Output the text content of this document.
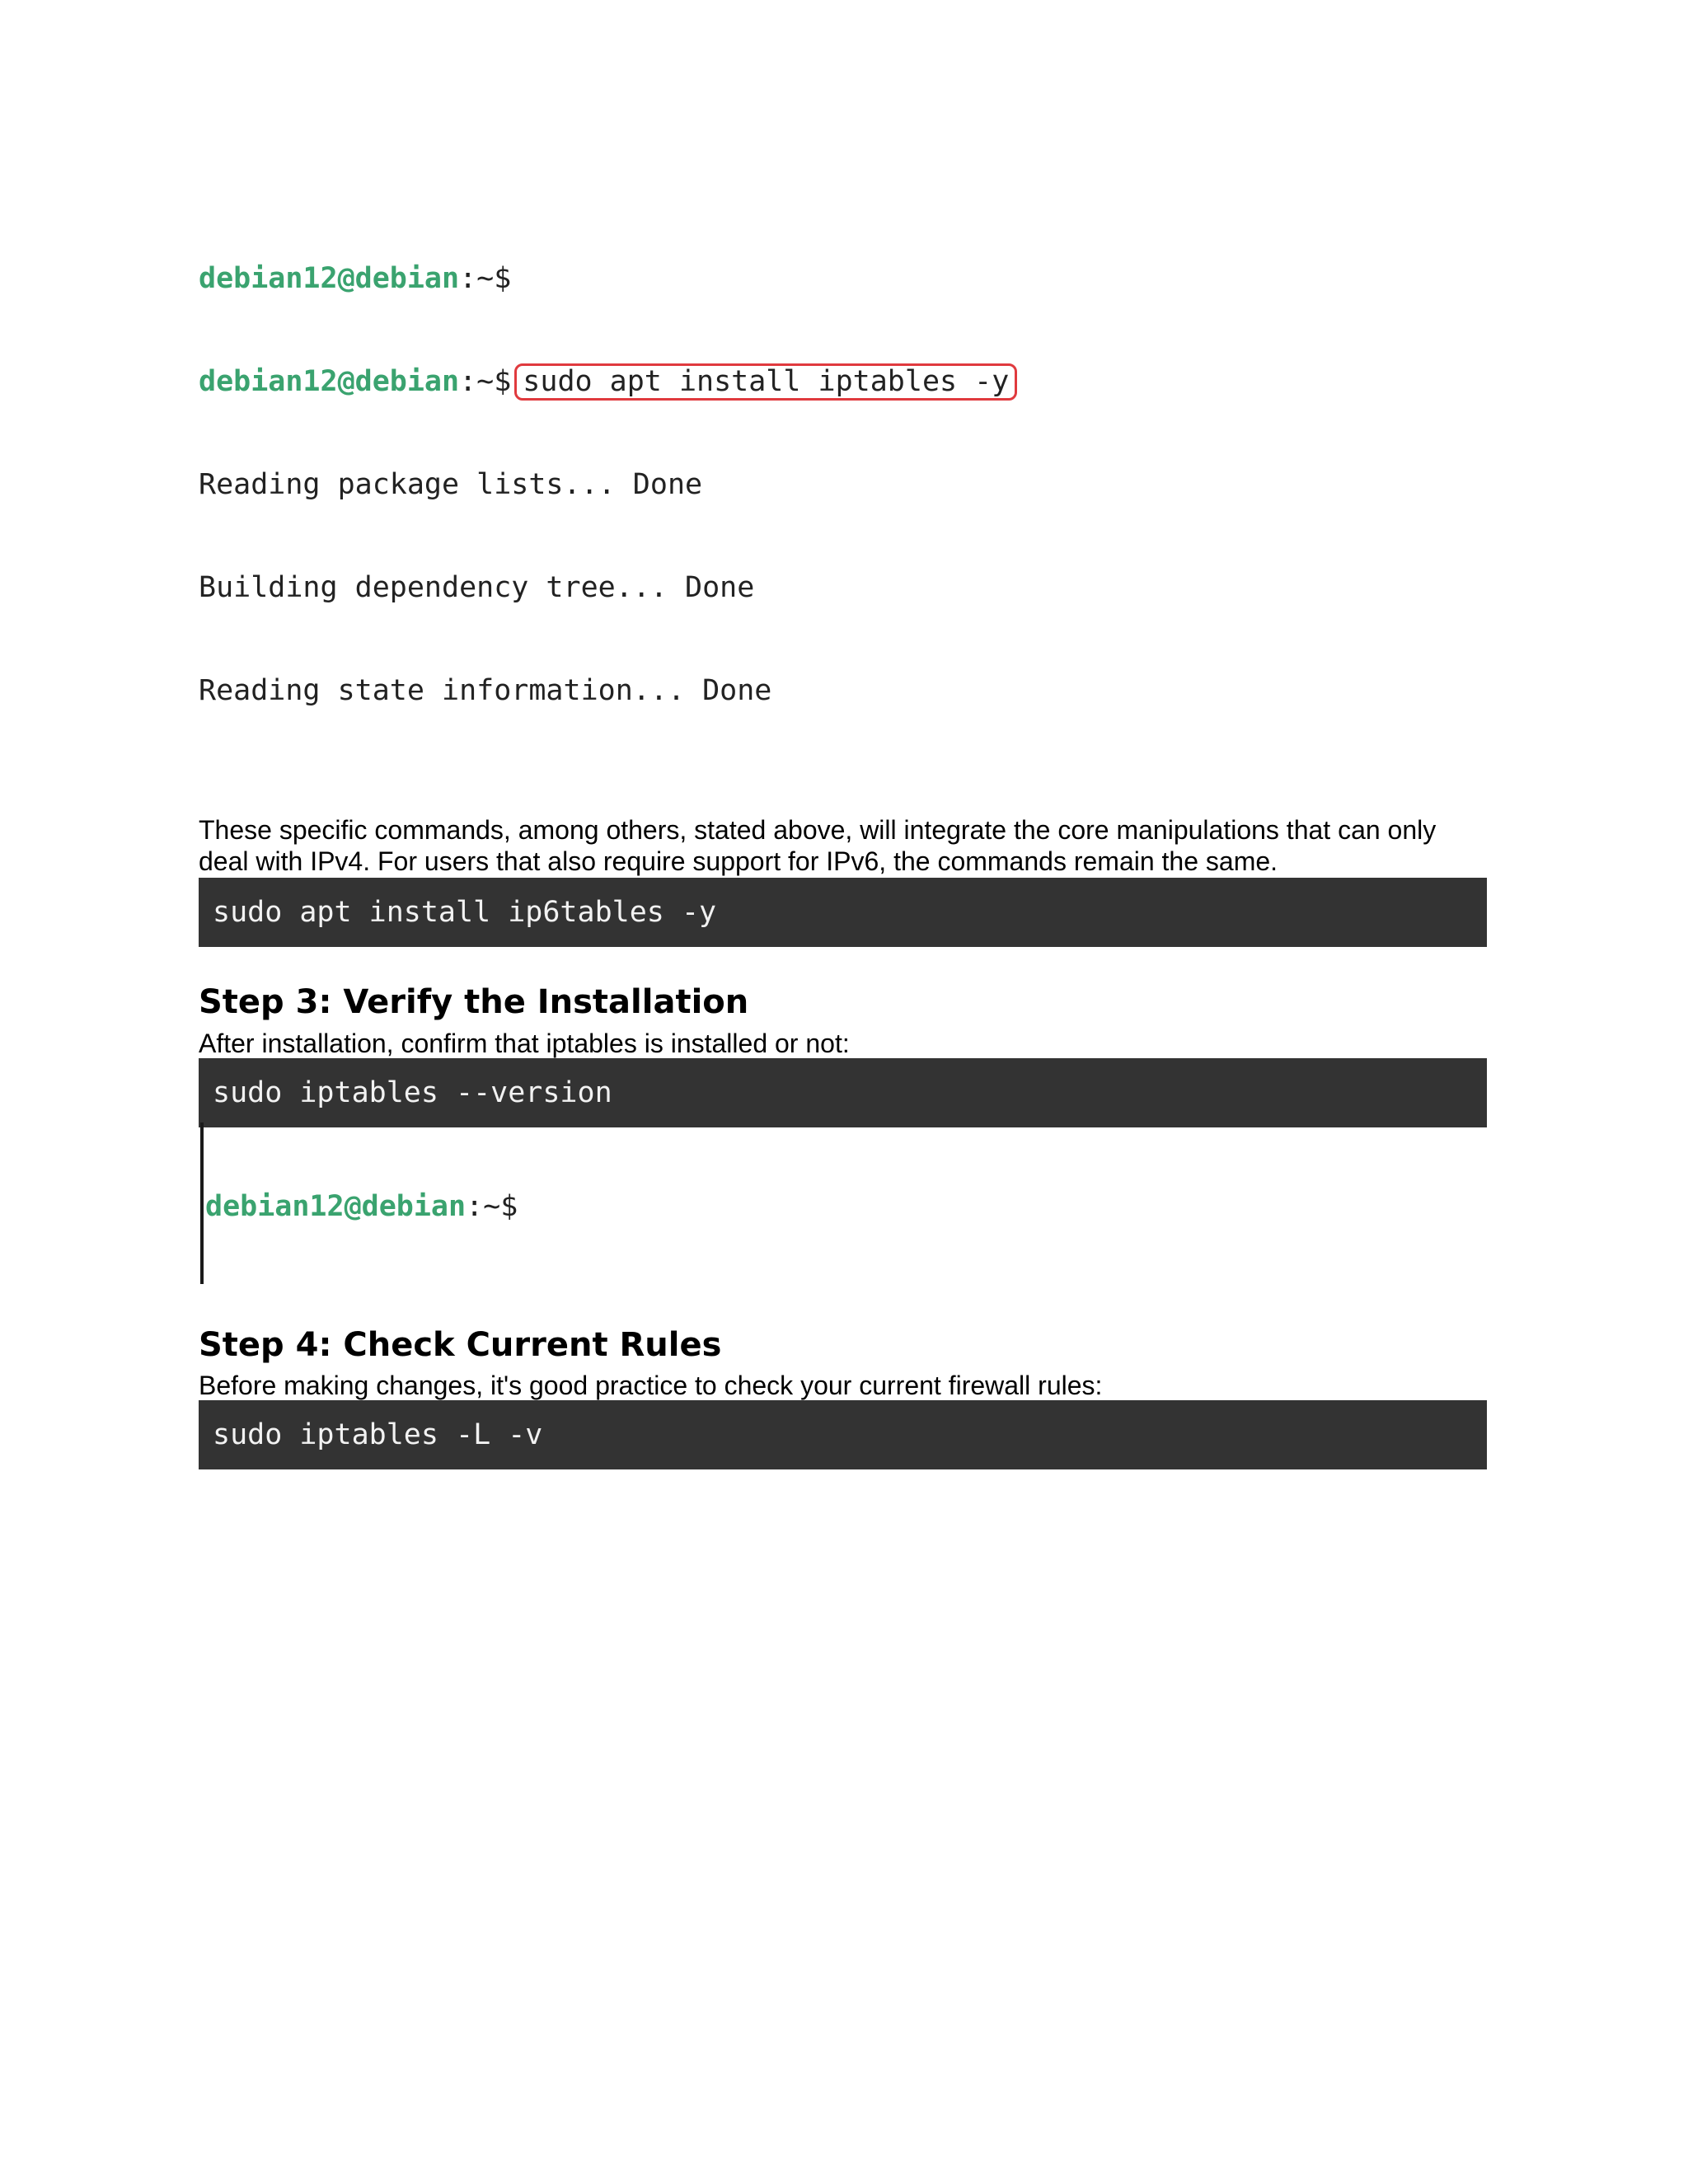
debian12@debian:~$

debian12@debian:~$ sudo apt install iptables -y

Reading package lists... Done

Building dependency tree... Done

Reading state information... Done

These specific commands, among others, stated above, will integrate the core manipulations that can only deal with IPv4. For users that also require support for IPv6, the commands remain the same.

sudo apt install ip6tables -y
Step 3: Verify the Installation

After installation, confirm that iptables is installed or not:

sudo iptables --version

debian12@debian:~$

Step 4: Check Current Rules

Before making changes, it's good practice to check your current firewall rules:

sudo iptables -L -v
